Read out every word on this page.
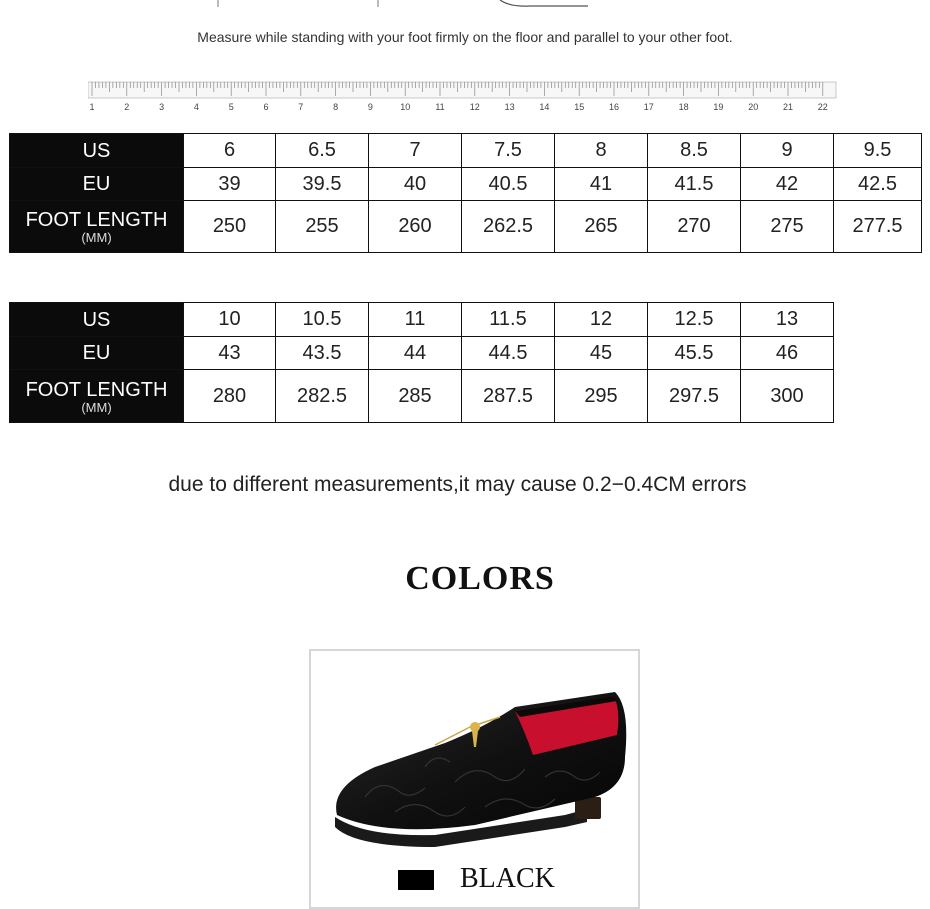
Measure while standing with your foot firmly on the floor and parallel to your other foot.
1	2	3	4	5	6	7	8	9	10	11	12	13	14	15	16	17	18	19	20	21	22
US	6	6.5	7	7.5	8	8.5	9	9.5

EU	39	39.5	40	40.5	41	41.5	42	42.5

FOOT LENGTH
(MM)	250	255	260	262.5	265	270	275	277.5
US	10	10.5	11	11.5	12	12.5	13

EU	43	43.5	44	44.5	45	45.5	46

FOOT LENGTH
(MM)	280	282.5	285	287.5	295	297.5	300
due to different measurements,it may cause 0.2−0.4CM errors
COLORS
BLACK
